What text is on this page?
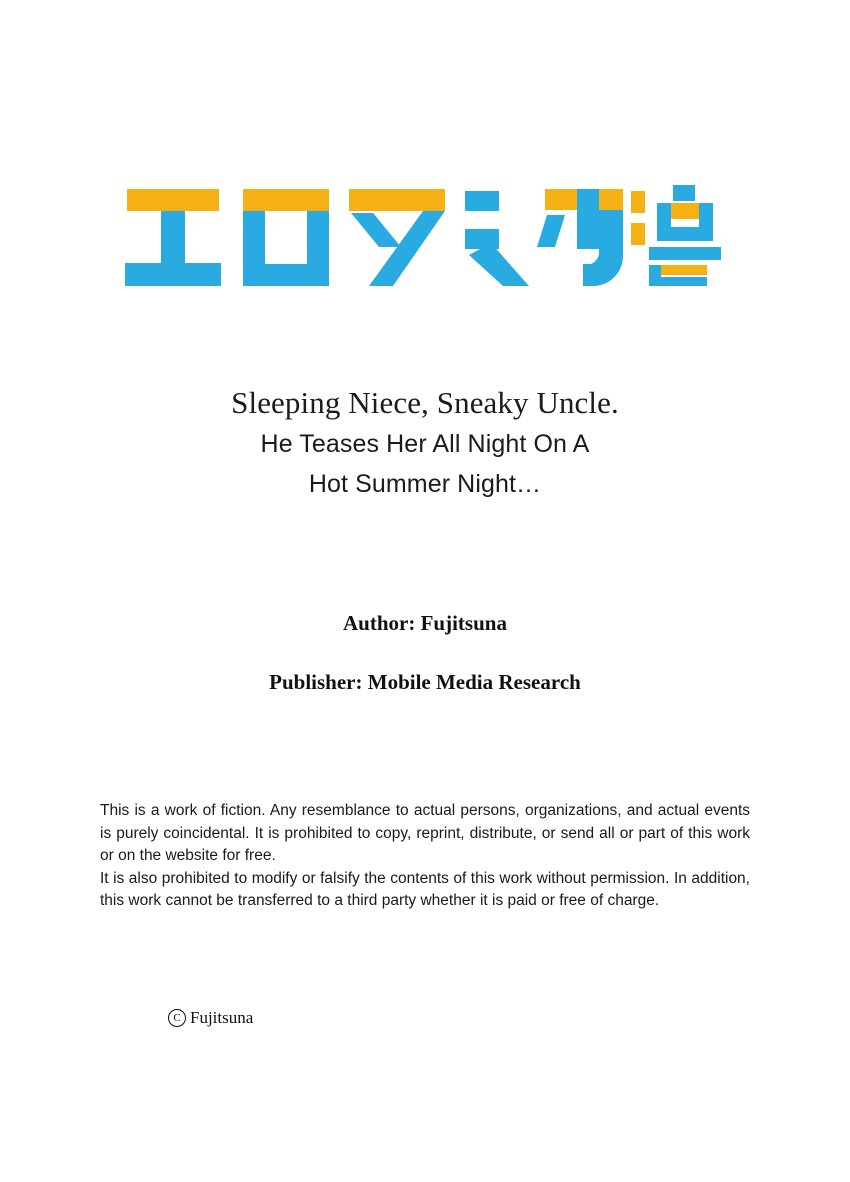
Sleeping Niece, Sneaky Uncle.
He Teases Her All Night On A
Hot Summer Night…
Author: Fujitsuna
Publisher: Mobile Media Research

This is a work of fiction. Any resemblance to actual persons, organizations, and actual events is purely coincidental. It is prohibited to copy, reprint, distribute, or send all or part of this work or on the website for free.

It is also prohibited to modify or falsify the contents of this work without permission. In addition, this work cannot be transferred to a third party whether it is paid or free of charge.

C Fujitsuna
